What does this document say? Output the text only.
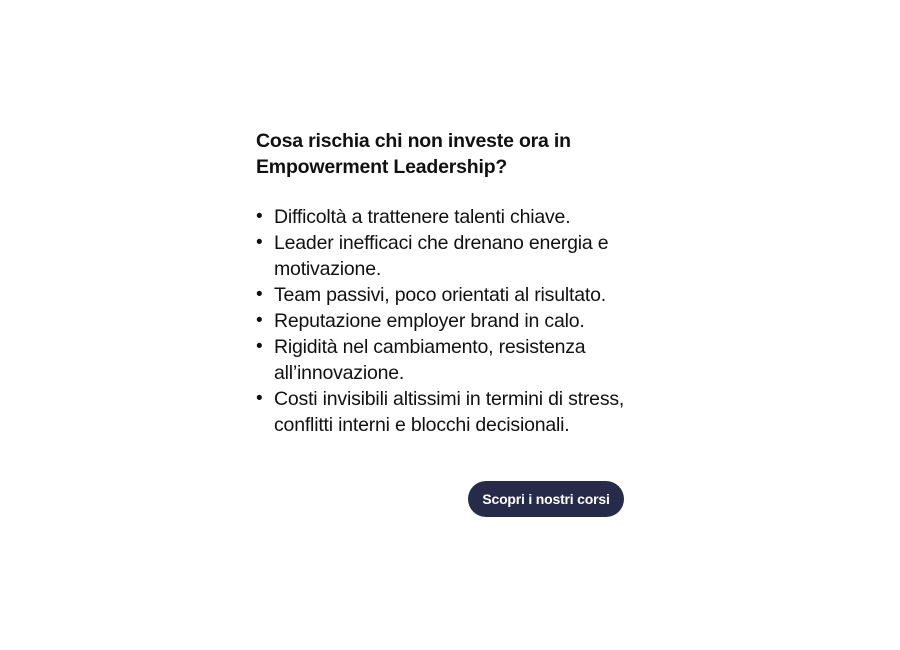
Cosa rischia chi non investe ora in Empowerment Leadership?
• Difficoltà a trattenere talenti chiave.
• Leader inefficaci che drenano energia e motivazione.
• Team passivi, poco orientati al risultato.
• Reputazione employer brand in calo.
• Rigidità nel cambiamento, resistenza all’innovazione.
• Costi invisibili altissimi in termini di stress, conflitti interni e blocchi decisionali.
Scopri i nostri corsi
